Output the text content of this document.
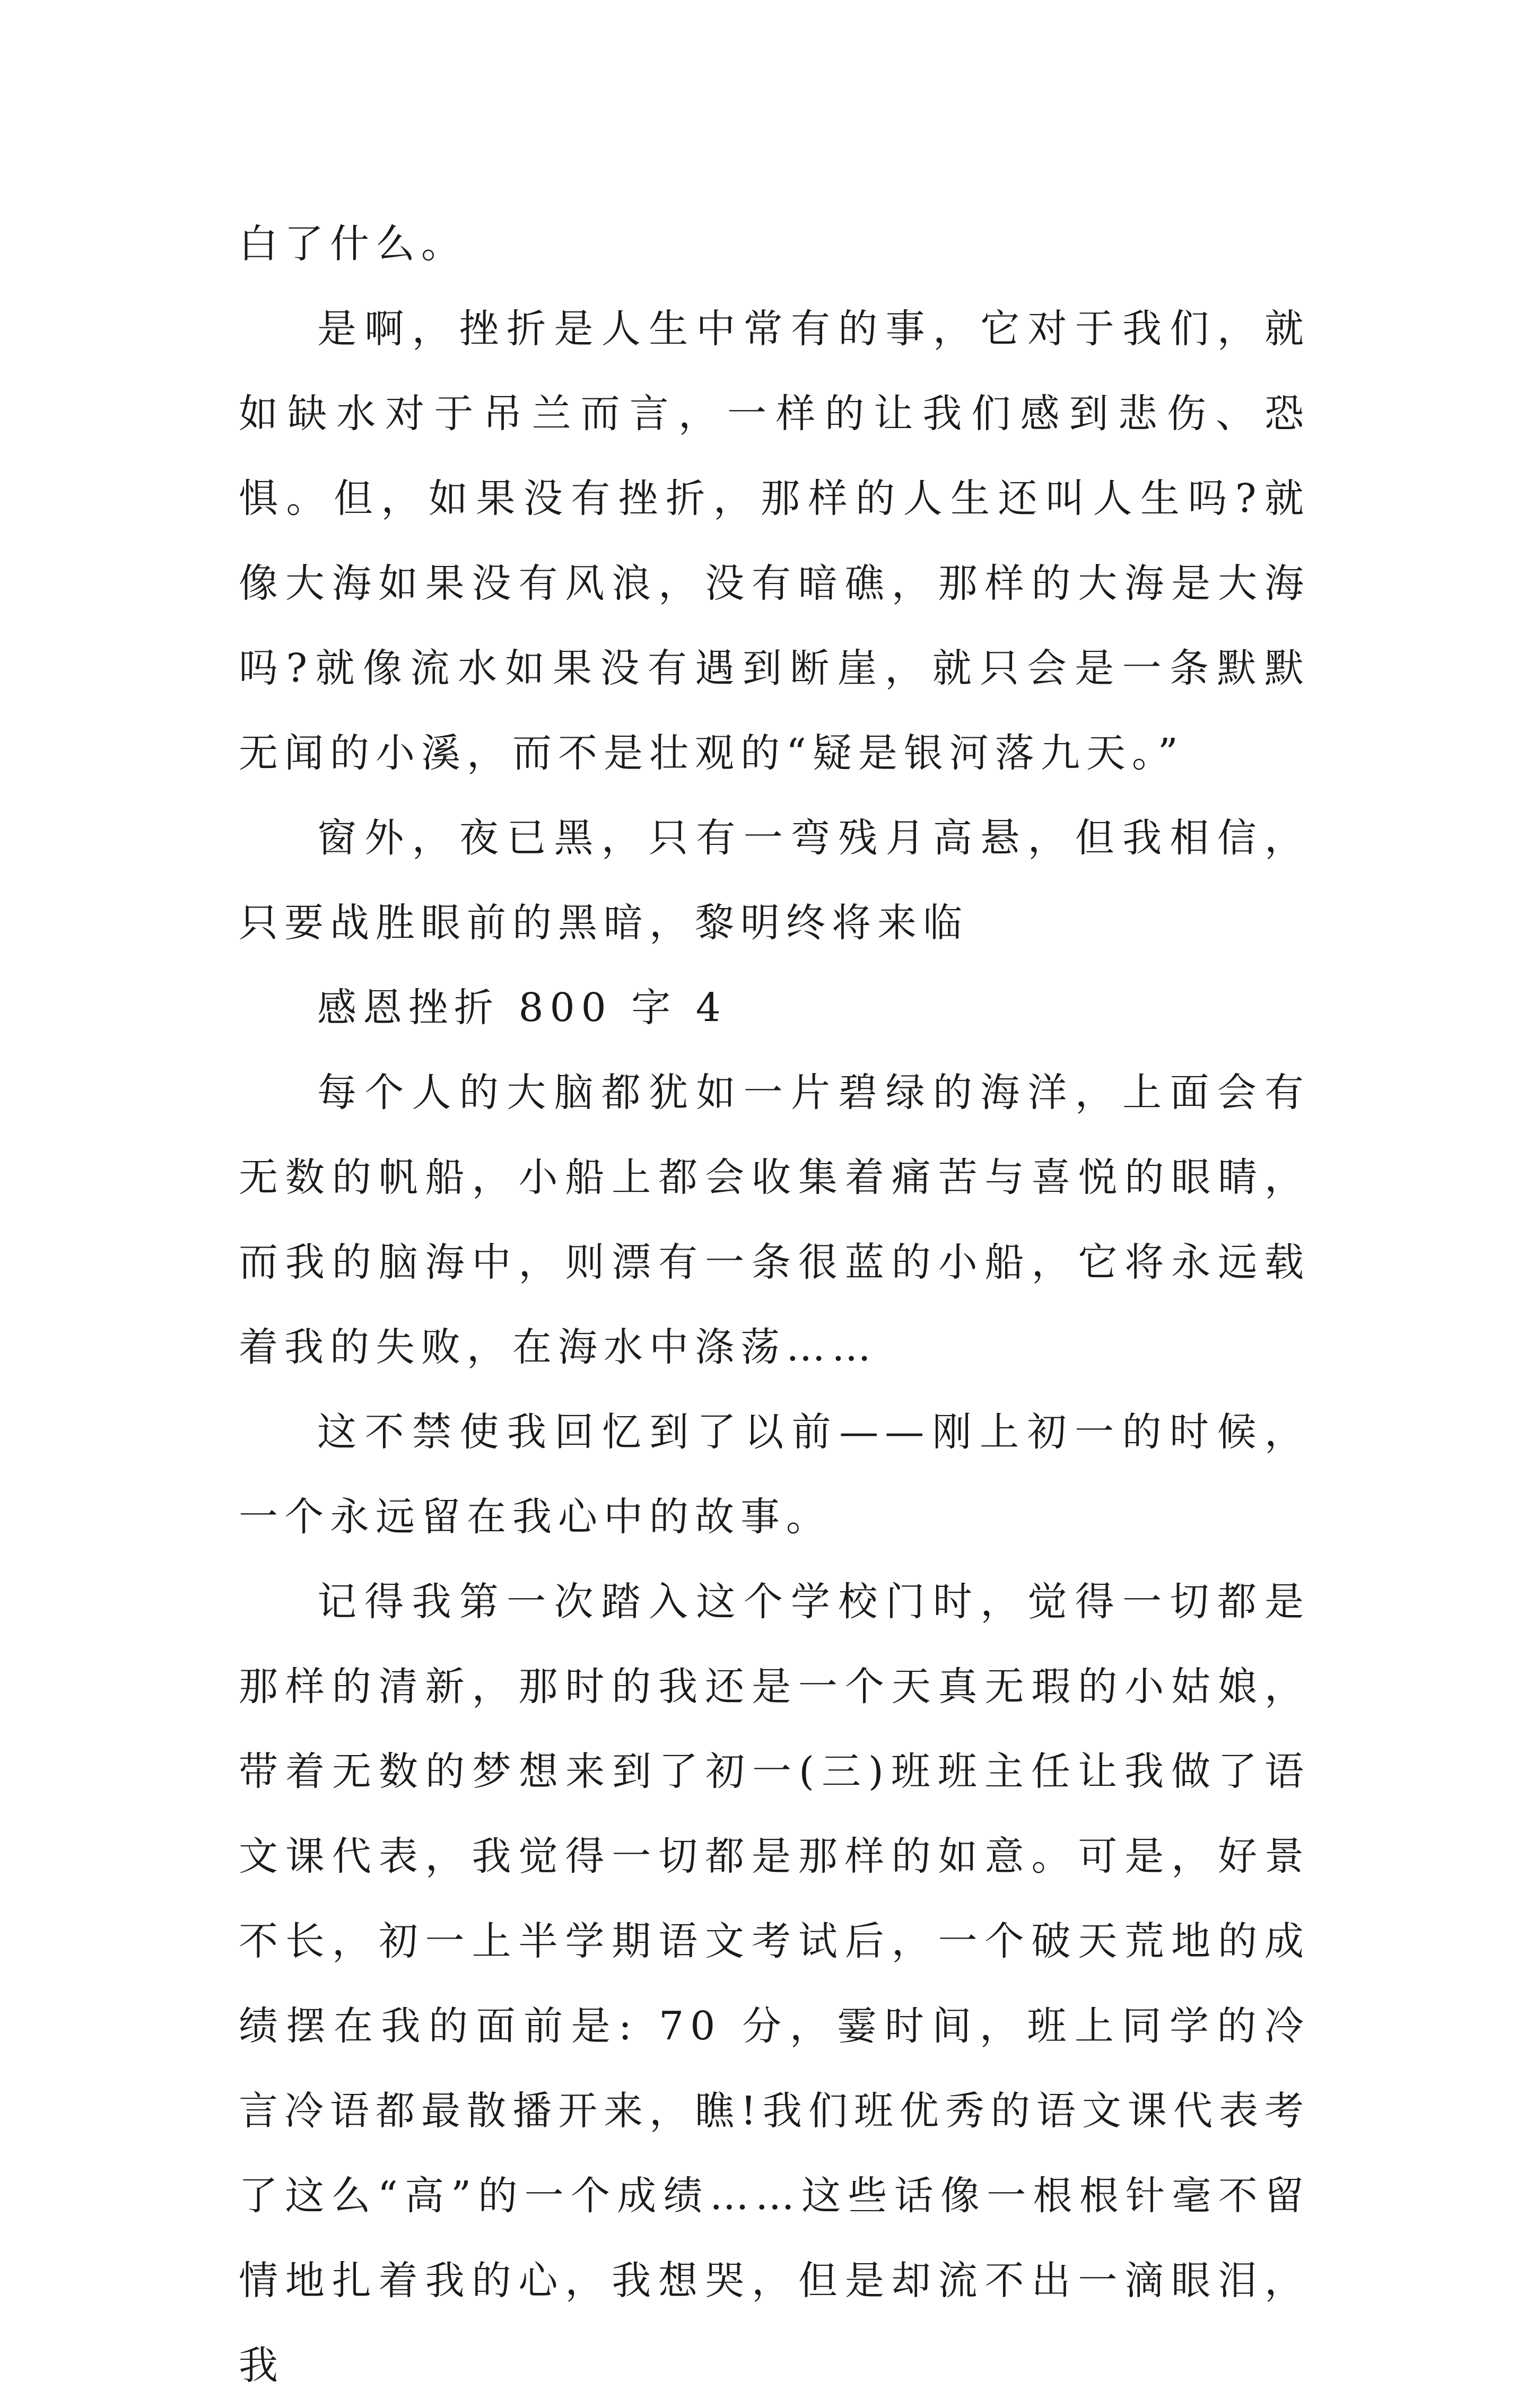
白了什么。

是啊，挫折是人生中常有的事，它对于我们，就如缺水对于吊兰而言，一样的让我们感到悲伤、恐惧。但，如果没有挫折，那样的人生还叫人生吗?就像大海如果没有风浪，没有暗礁，那样的大海是大海吗?就像流水如果没有遇到断崖，就只会是一条默默无闻的小溪，而不是壮观的“疑是银河落九天。”

窗外，夜已黑，只有一弯残月高悬，但我相信，只要战胜眼前的黑暗，黎明终将来临

感恩挫折 800 字 4

每个人的大脑都犹如一片碧绿的海洋，上面会有无数的帆船，小船上都会收集着痛苦与喜悦的眼睛，而我的脑海中，则漂有一条很蓝的小船，它将永远载着我的失败，在海水中涤荡……

这不禁使我回忆到了以前——刚上初一的时候，一个永远留在我心中的故事。

记得我第一次踏入这个学校门时，觉得一切都是那样的清新，那时的我还是一个天真无瑕的小姑娘，带着无数的梦想来到了初一(三)班班主任让我做了语文课代表，我觉得一切都是那样的如意。可是，好景不长，初一上半学期语文考试后，一个破天荒地的成绩摆在我的面前是: 70 分，霎时间，班上同学的冷言冷语都最散播开来，瞧!我们班优秀的语文课代表考了这么“高”的一个成绩……这些话像一根根针毫不留情地扎着我的心，我想哭，但是却流不出一滴眼泪，我
